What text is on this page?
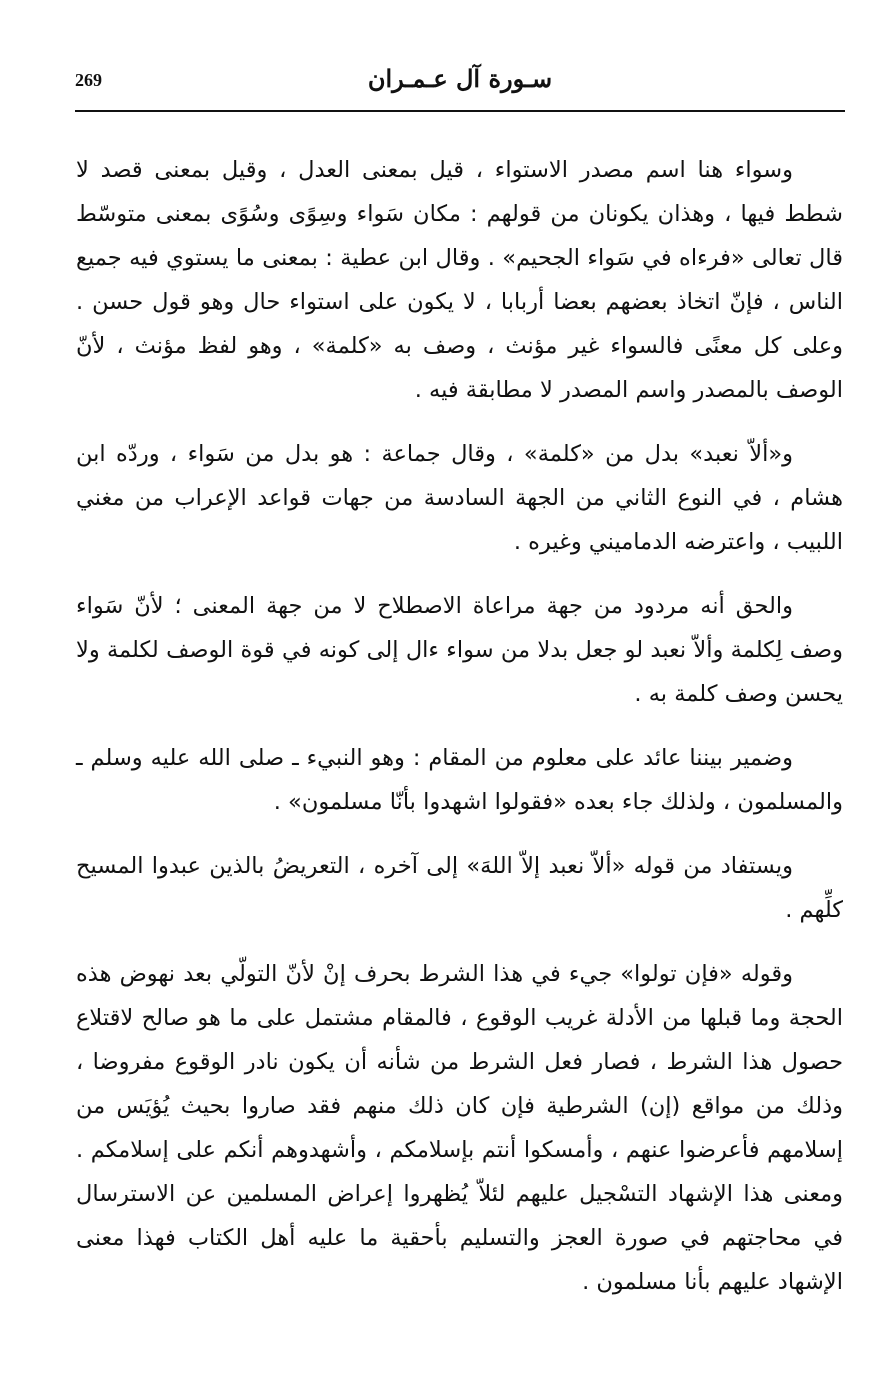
269	سـورة آل عـمـران

وسواء هنا اسم مصدر الاستواء ، قيل بمعنى العدل ، وقيل بمعنى قصد لا شطط فيها ، وهذان يكونان من قولهم : مكان سَواء وسِوًى وسُوًى بمعنى متوسّط قال تعالى «فرءاه في سَواء الجحيم» . وقال ابن عطية : بمعنى ما يستوي فيه جميع الناس ، فإنّ اتخاذ بعضهم بعضا أربابا ، لا يكون على استواء حال وهو قول حسن . وعلى كل معنًى فالسواء غير مؤنث ، وصف به «كلمة» ، وهو لفظ مؤنث ، لأنّ الوصف بالمصدر واسم المصدر لا مطابقة فيه .

و«ألاّ نعبد» بدل من «كلمة» ، وقال جماعة : هو بدل من سَواء ، وردّه ابن هشام ، في النوع الثاني من الجهة السادسة من جهات قواعد الإعراب من مغني اللبيب ، واعترضه الدماميني وغيره .

والحق أنه مردود من جهة مراعاة الاصطلاح لا من جهة المعنى ؛ لأنّ سَواء وصف لِكلمة وألاّ نعبد لو جعل بدلا من سواء ءال إلى كونه في قوة الوصف لكلمة ولا يحسن وصف كلمة به .

وضمير بيننا عائد على معلوم من المقام : وهو النبيء ـ صلى الله عليه وسلم ـ والمسلمون ، ولذلك جاء بعده «فقولوا اشهدوا بأنّا مسلمون» .

ويستفاد من قوله «ألاّ نعبد إلاّ اللهَ» إلى آخره ، التعريضُ بالذين عبدوا المسيح كلِّهم .

وقوله «فإن تولوا» جيء في هذا الشرط بحرف إنْ لأنّ التولّي بعد نهوض هذه الحجة وما قبلها من الأدلة غريب الوقوع ، فالمقام مشتمل على ما هو صالح لاقتلاع حصول هذا الشرط ، فصار فعل الشرط من شأنه أن يكون نادر الوقوع مفروضا ، وذلك من مواقع (إن) الشرطية فإن كان ذلك منهم فقد صاروا بحيث يُؤيَس من إسلامهم فأعرضوا عنهم ، وأمسكوا أنتم بإسلامكم ، وأشهدوهم أنكم على إسلامكم . ومعنى هذا الإشهاد التسْجيل عليهم لئلاّ يُظهروا إعراض المسلمين عن الاسترسال في محاجتهم في صورة العجز والتسليم بأحقية ما عليه أهل الكتاب فهذا معنى الإشهاد عليهم بأنا مسلمون .
